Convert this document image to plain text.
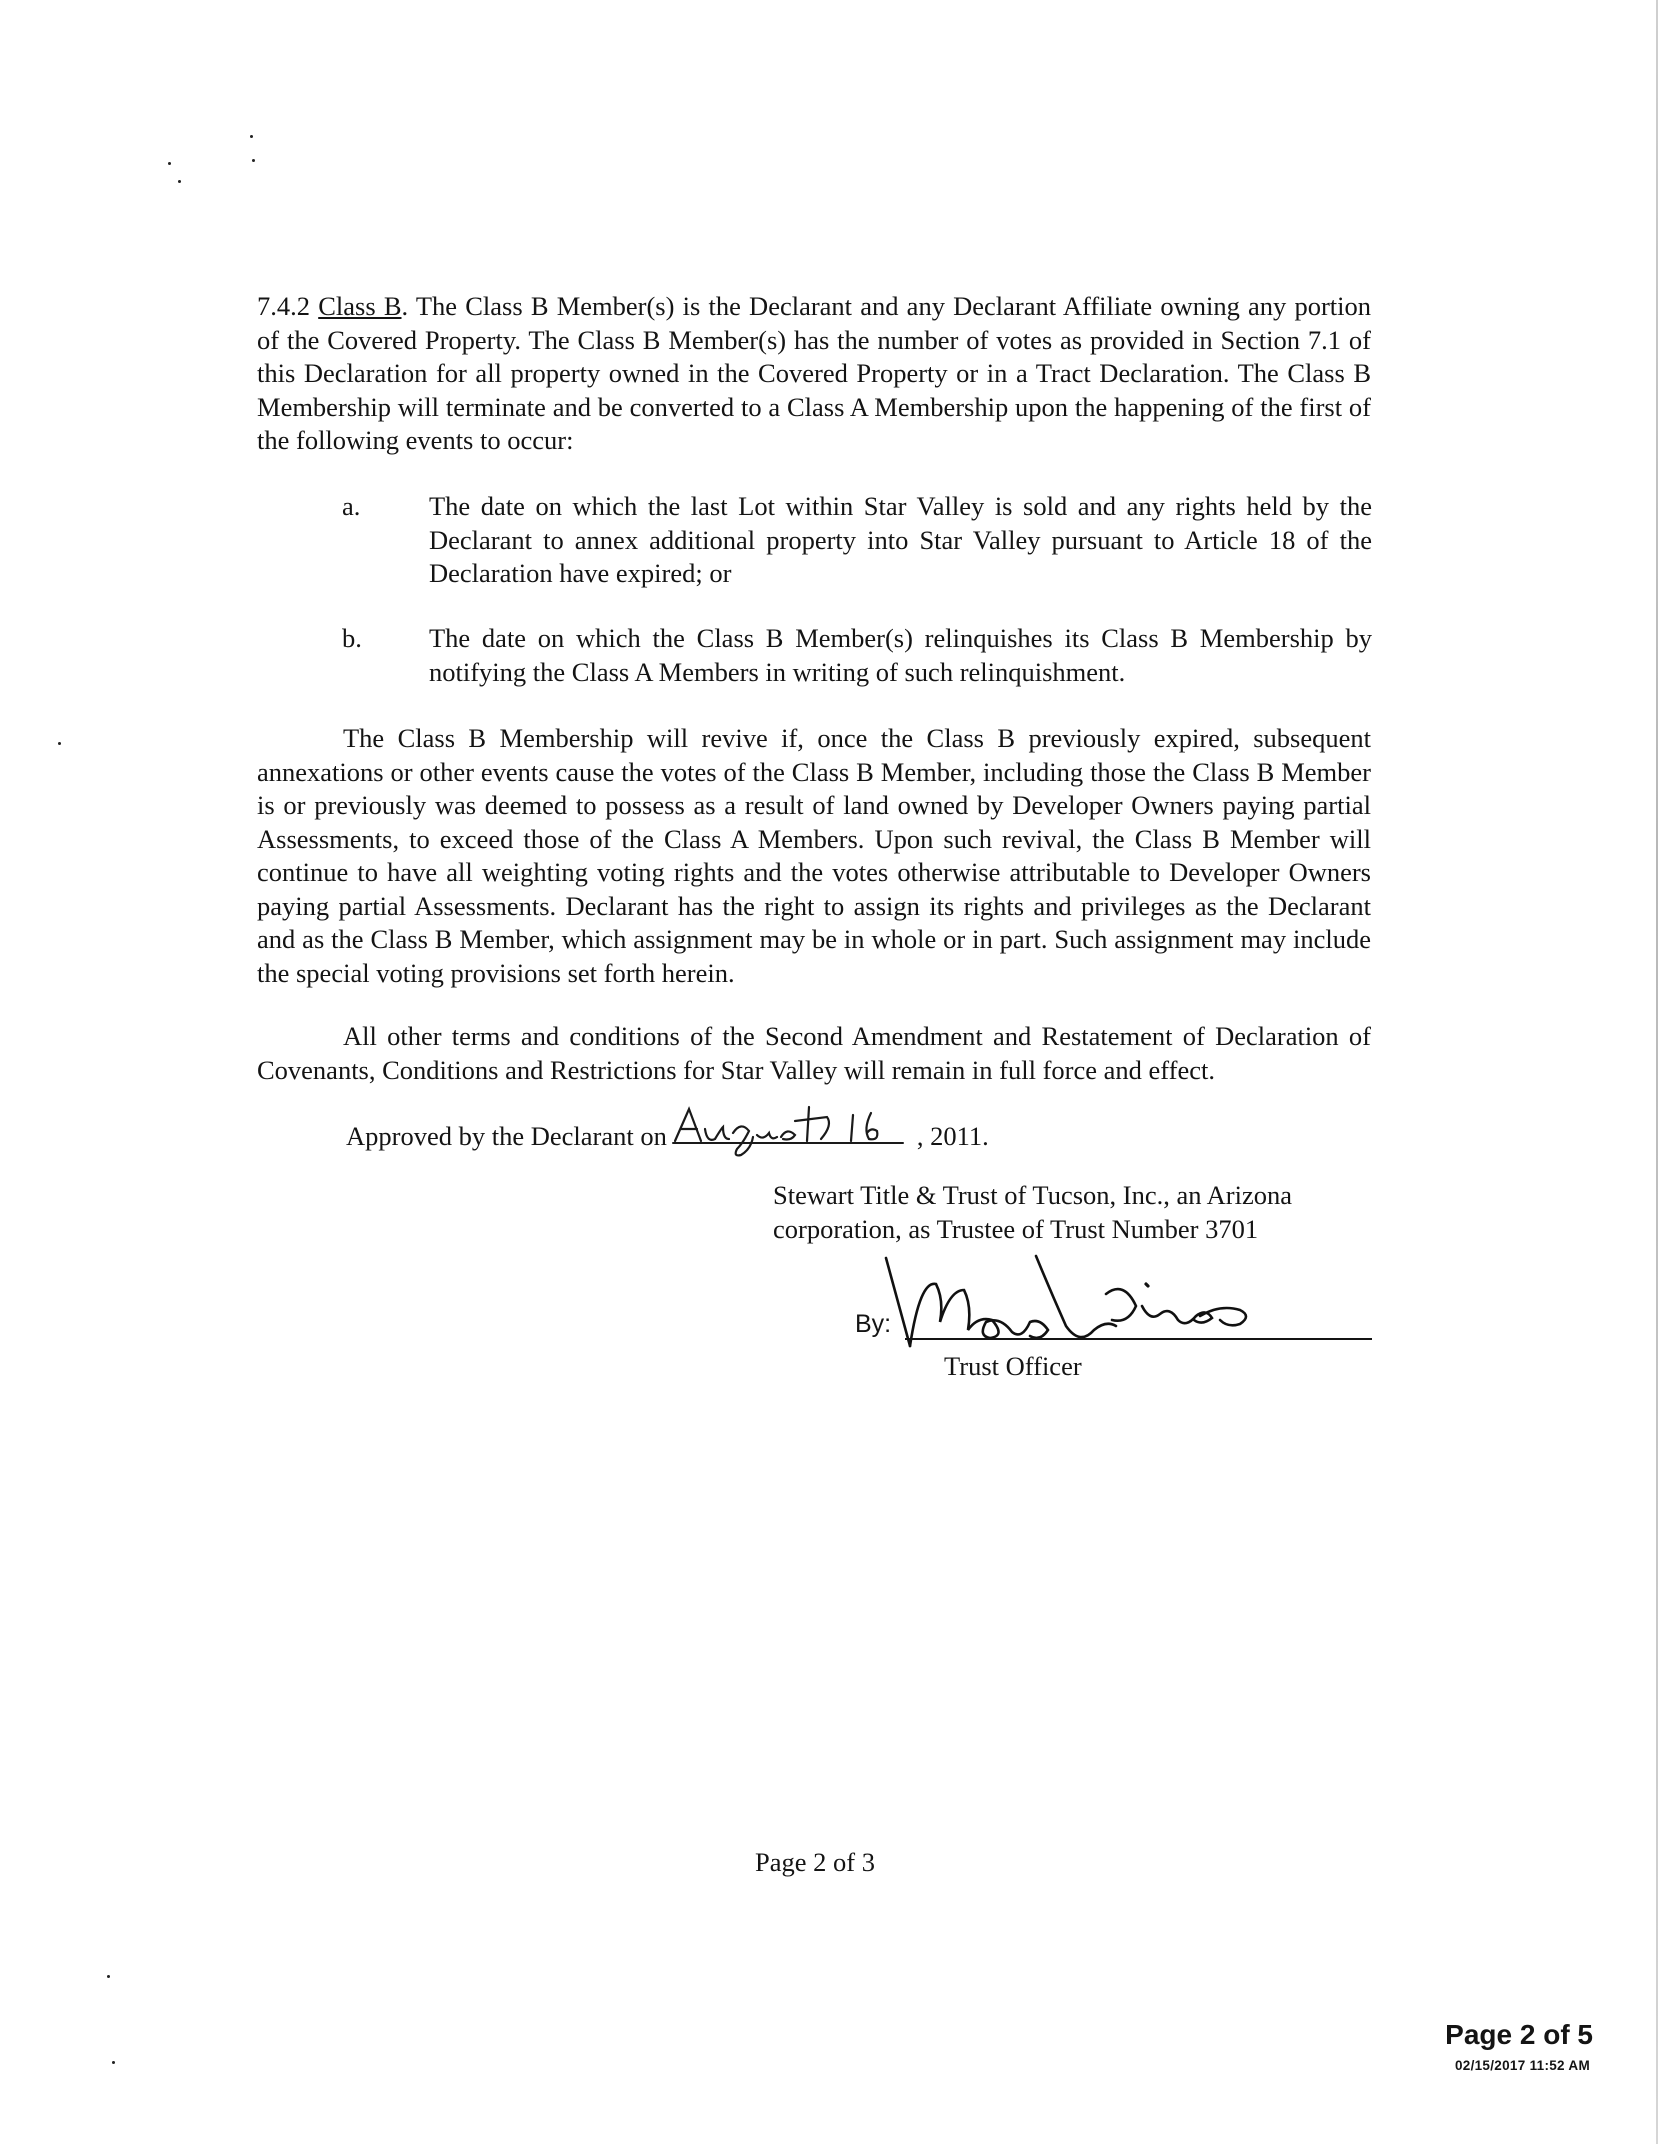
7.4.2 Class B. The Class B Member(s) is the Declarant and any Declarant Affiliate owning any portion of the Covered Property. The Class B Member(s) has the number of votes as provided in Section 7.1 of this Declaration for all property owned in the Covered Property or in a Tract Declaration. The Class B Membership will terminate and be converted to a Class A Membership upon the happening of the first of the following events to occur:

a.	The date on which the last Lot within Star Valley is sold and any rights held by the Declarant to annex additional property into Star Valley pursuant to Article 18 of the Declaration have expired; or
b.	The date on which the Class B Member(s) relinquishes its Class B Membership by notifying the Class A Members in writing of such relinquishment.

The Class B Membership will revive if, once the Class B previously expired, subsequent annexations or other events cause the votes of the Class B Member, including those the Class B Member is or previously was deemed to possess as a result of land owned by Developer Owners paying partial Assessments, to exceed those of the Class A Members. Upon such revival, the Class B Member will continue to have all weighting voting rights and the votes otherwise attributable to Developer Owners paying partial Assessments. Declarant has the right to assign its rights and privileges as the Declarant and as the Class B Member, which assignment may be in whole or in part. Such assignment may include the special voting provisions set forth herein.

All other terms and conditions of the Second Amendment and Restatement of Declaration of Covenants, Conditions and Restrictions for Star Valley will remain in full force and effect.

Approved by the Declarant on	, 2011.
Stewart Title & Trust of Tucson, Inc., an Arizona
corporation, as Trustee of Trust Number 3701
By:
Trust Officer
Page 2 of 3
Page 2 of 5
02/15/2017 11:52 AM
